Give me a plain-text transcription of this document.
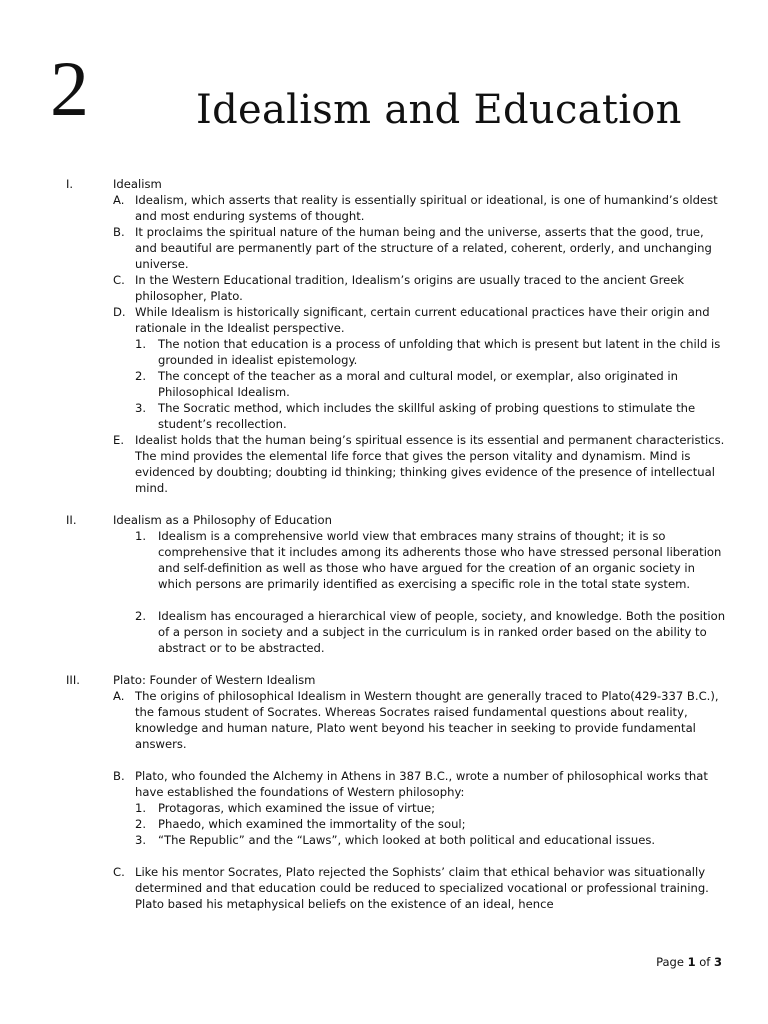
2	Idealism and Education
I.	Idealism
A. Idealism, which asserts that reality is essentially spiritual or ideational, is one of humankind’s oldest and most enduring systems of thought.
B. It proclaims the spiritual nature of the human being and the universe, asserts that the good, true, and beautiful are permanently part of the structure of a related, coherent, orderly, and unchanging universe.
C. In the Western Educational tradition, Idealism’s origins are usually traced to the ancient Greek philosopher, Plato.
D. While Idealism is historically significant, certain current educational practices have their origin and rationale in the Idealist perspective.
1. The notion that education is a process of unfolding that which is present but latent in the child is grounded in idealist epistemology.
2. The concept of the teacher as a moral and cultural model, or exemplar, also originated in Philosophical Idealism.
3. The Socratic method, which includes the skillful asking of probing questions to stimulate the student’s recollection.
E. Idealist holds that the human being’s spiritual essence is its essential and permanent characteristics. The mind provides the elemental life force that gives the person vitality and dynamism. Mind is evidenced by doubting; doubting id thinking; thinking gives evidence of the presence of intellectual mind.
II.	Idealism as a Philosophy of Education
1. Idealism is a comprehensive world view that embraces many strains of thought; it is so comprehensive that it includes among its adherents those who have stressed personal liberation and self-definition as well as those who have argued for the creation of an organic society in which persons are primarily identified as exercising a specific role in the total state system.
2. Idealism has encouraged a hierarchical view of people, society, and knowledge. Both the position of a person in society and a subject in the curriculum is in ranked order based on the ability to abstract or to be abstracted.
III.	Plato: Founder of Western Idealism
A. The origins of philosophical Idealism in Western thought are generally traced to Plato(429-337 B.C.), the famous student of Socrates. Whereas Socrates raised fundamental questions about reality, knowledge and human nature, Plato went beyond his teacher in seeking to provide fundamental answers.
B. Plato, who founded the Alchemy in Athens in 387 B.C., wrote a number of philosophical works that have established the foundations of Western philosophy:
1. Protagoras, which examined the issue of virtue;
2. Phaedo, which examined the immortality of the soul;
3. “The Republic” and the “Laws”, which looked at both political and educational issues.
C. Like his mentor Socrates, Plato rejected the Sophists’ claim that ethical behavior was situationally determined and that education could be reduced to specialized vocational or professional training. Plato based his metaphysical beliefs on the existence of an ideal, hence
Page 1 of 3
